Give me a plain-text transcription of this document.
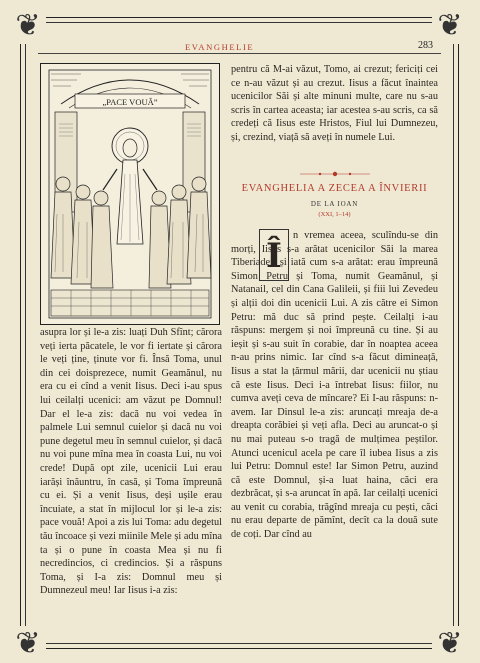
❦	❦
❦	❦
EVANGHELIE	283
„PACE VOUĂ”

pentru că M-ai văzut, Tomo, ai crezut; fericiți cei ce n-au văzut și au crezut. Iisus a făcut înaintea ucenicilor Săi și alte minuni multe, care nu s-au scris în cartea aceasta; iar acestea s-au scris, ca să credeți că Iisus este Hristos, Fiul lui Dumnezeu, și, crezind, viață să aveți în numele Lui.

EVANGHELIA A ZECEA A ÎNVIERII
DE LA IOAN
(XXI, 1–14)
Î

n vremea aceea, sculîndu-se din morți, Iisus s-a arătat ucenicilor Săi la marea Tiberiadei; și iată cum s-a arătat: erau împreună Simon Petru și Toma, numit Geamănul, și Natanail, cel din Cana Galileii, și fiii lui Zevedeu și alții doi din ucenicii Lui. A zis către ei Simon Petru: mă duc să prind pește. Ceilalți i-au răspuns: mergem și noi împreună cu tine. Și au ieșit și s-au suit în corabie, dar în noaptea aceea n-au prins nimic. Iar cînd s-a făcut dimineață, Iisus a stat la țărmul mării, dar ucenicii nu știau că este Iisus. Deci i-a întrebat Iisus: fiilor, nu cumva aveți ceva de mîncare? Ei I-au răspuns: n-avem. Iar Dinsul le-a zis: aruncați mreaja de-a dreapta corăbiei și veți afla. Deci au aruncat-o și nu mai puteau s-o tragă de mulțimea peștilor. Atunci ucenicul acela pe care îl iubea Iisus a zis lui Petru: Domnul este! Iar Simon Petru, auzind că este Domnul, și-a luat haina, căci era dezbrăcat, și s-a aruncat în apă. Iar ceilalți ucenici au venit cu corabia, trăgînd mreaja cu pești, căci nu erau departe de pămînt, decît ca la două sute de coți. Dar cînd au

asupra lor și le-a zis: luați Duh Sfînt; cărora veți ierta păcatele, le vor fi iertate și cărora le veți ține, ținute vor fi. Însă Toma, unul din cei doisprezece, numit Geamănul, nu era cu ei cînd a venit Iisus. Deci i-au spus lui ceilalți ucenici: am văzut pe Domnul! Dar el le-a zis: dacă nu voi vedea în palmele Lui semnul cuielor și dacă nu voi pune degetul meu în semnul cuielor, și dacă nu voi pune mîna mea în coasta Lui, nu voi crede! După opt zile, ucenicii Lui erau iarăși înăuntru, în casă, și Toma împreună cu ei. Și a venit Iisus, deși ușile erau încuiate, a stat în mijlocul lor și le-a zis: pace vouă! Apoi a zis lui Toma: adu degetul tău încoace și vezi miinile Mele și adu mîna ta și o pune în coasta Mea și nu fi necredincios, ci credincios. Și a răspuns Toma, și I-a zis: Domnul meu și Dumnezeul meu! Iar Iisus i-a zis:
